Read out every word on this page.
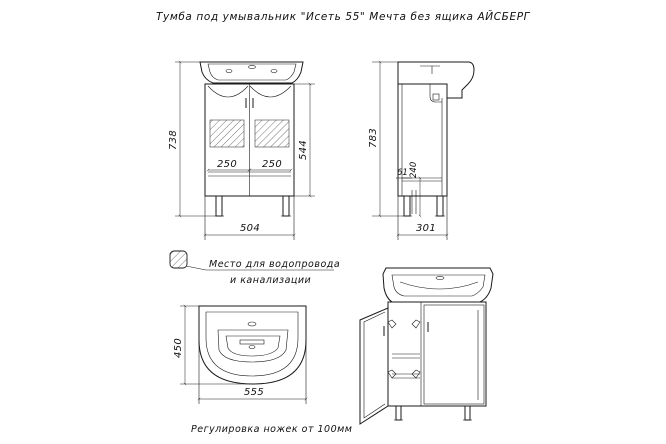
Тумба под умывальник "Исеть 55" Мечта без ящика АЙСБЕРГ
738	544
250	250
504
783
61 240
301
Место для водопровода
и канализации
450
555
Регулировка ножек от 100мм
